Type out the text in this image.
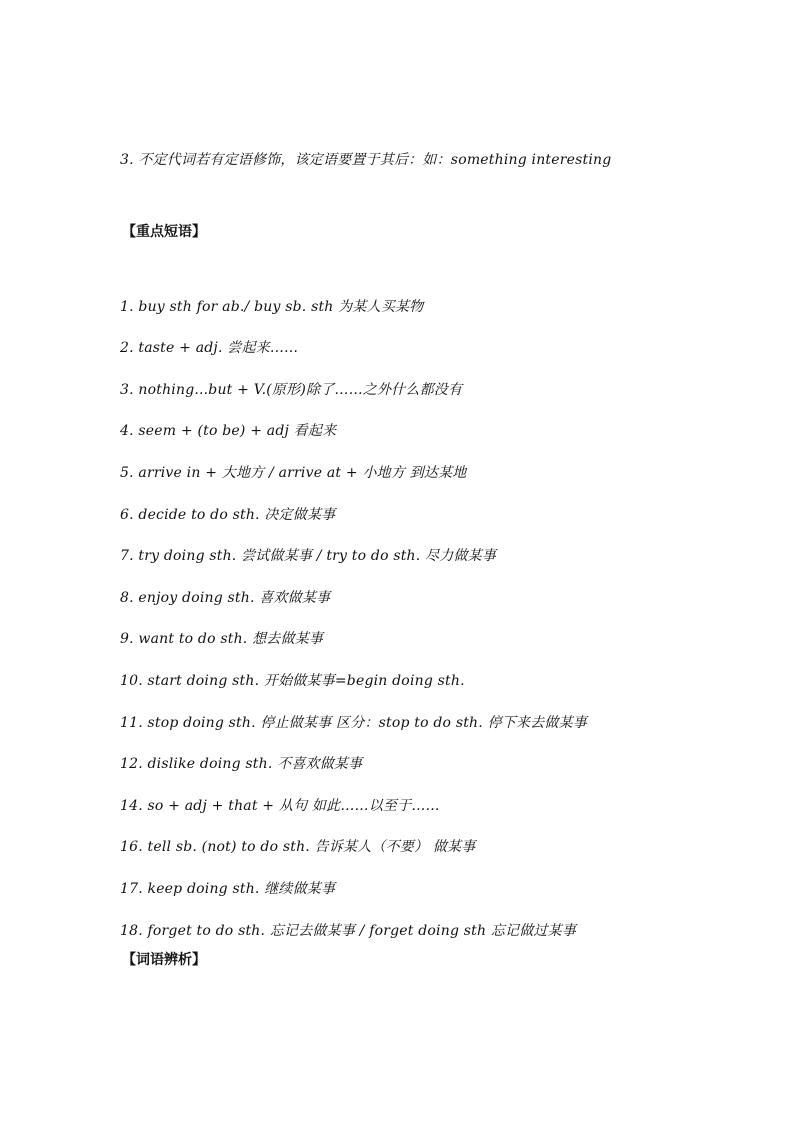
3. 不定代词若有定语修饰，该定语要置于其后：如：something interesting
【重点短语】
1. buy sth for ab./ buy sb. sth 为某人买某物
2. taste + adj. 尝起来……
3. nothing...but + V.(原形)除了……之外什么都没有
4. seem + (to be) + adj 看起来
5. arrive in + 大地方 / arrive at + 小地方 到达某地
6. decide to do sth. 决定做某事
7. try doing sth. 尝试做某事 / try to do sth. 尽力做某事
8. enjoy doing sth. 喜欢做某事
9. want to do sth. 想去做某事
10. start doing sth. 开始做某事=begin doing sth.
11. stop doing sth. 停止做某事 区分：stop to do sth. 停下来去做某事
12. dislike doing sth. 不喜欢做某事
14. so + adj + that + 从句 如此……以至于……
16. tell sb. (not) to do sth. 告诉某人（不要） 做某事
17. keep doing sth. 继续做某事
18. forget to do sth. 忘记去做某事 / forget doing sth 忘记做过某事
【词语辨析】
